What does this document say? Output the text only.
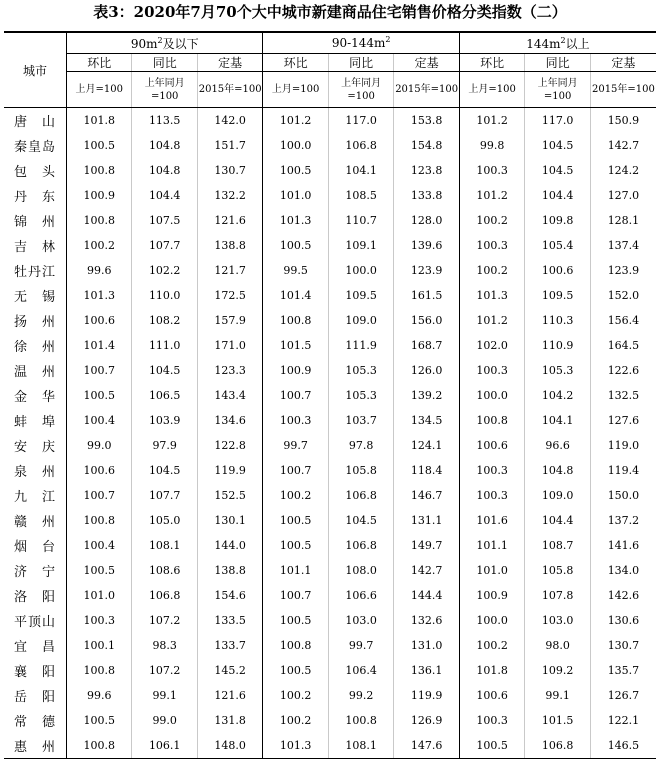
表3：2020年7月70个大中城市新建商品住宅销售价格分类指数（二）
城市	$90m^2$及以下			$90-144m^2$			$144m^2$以上		
	环比	同比	定基	环比	同比	定基	环比	同比	定基
	上月=100	上年同月=100	2015年=100	上月=100	上年同月=100	2015年=100	上月=100	上年同月=100	2015年=100
唐　山	101.8	113.5	142.0	101.2	117.0	153.8	101.2	117.0	150.9
秦皇岛	100.5	104.8	151.7	100.0	106.8	154.8	99.8	104.5	142.7
包　头	100.8	104.8	130.7	100.5	104.1	123.8	100.3	104.5	124.2
丹　东	100.9	104.4	132.2	101.0	108.5	133.8	101.2	104.4	127.0
锦　州	100.8	107.5	121.6	101.3	110.7	128.0	100.2	109.8	128.1
吉　林	100.2	107.7	138.8	100.5	109.1	139.6	100.3	105.4	137.4
牡丹江	99.6	102.2	121.7	99.5	100.0	123.9	100.2	100.6	123.9
无　锡	101.3	110.0	172.5	101.4	109.5	161.5	101.3	109.5	152.0
扬　州	100.6	108.2	157.9	100.8	109.0	156.0	101.2	110.3	156.4
徐　州	101.4	111.0	171.0	101.5	111.9	168.7	102.0	110.9	164.5
温　州	100.7	104.5	123.3	100.9	105.3	126.0	100.3	105.3	122.6
金　华	100.5	106.5	143.4	100.7	105.3	139.2	100.0	104.2	132.5
蚌　埠	100.4	103.9	134.6	100.3	103.7	134.5	100.8	104.1	127.6
安　庆	99.0	97.9	122.8	99.7	97.8	124.1	100.6	96.6	119.0
泉　州	100.6	104.5	119.9	100.7	105.8	118.4	100.3	104.8	119.4
九　江	100.7	107.7	152.5	100.2	106.8	146.7	100.3	109.0	150.0
赣　州	100.8	105.0	130.1	100.5	104.5	131.1	101.6	104.4	137.2
烟　台	100.4	108.1	144.0	100.5	106.8	149.7	101.1	108.7	141.6
济　宁	100.5	108.6	138.8	101.1	108.0	142.7	101.0	105.8	134.0
洛　阳	101.0	106.8	154.6	100.7	106.6	144.4	100.9	107.8	142.6
平顶山	100.3	107.2	133.5	100.5	103.0	132.6	100.0	103.0	130.6
宜　昌	100.1	98.3	133.7	100.8	99.7	131.0	100.2	98.0	130.7
襄　阳	100.8	107.2	145.2	100.5	106.4	136.1	101.8	109.2	135.7
岳　阳	99.6	99.1	121.6	100.2	99.2	119.9	100.6	99.1	126.7
常　德	100.5	99.0	131.8	100.2	100.8	126.9	100.3	101.5	122.1
惠　州	100.8	106.1	148.0	101.3	108.1	147.6	100.5	106.8	146.5
